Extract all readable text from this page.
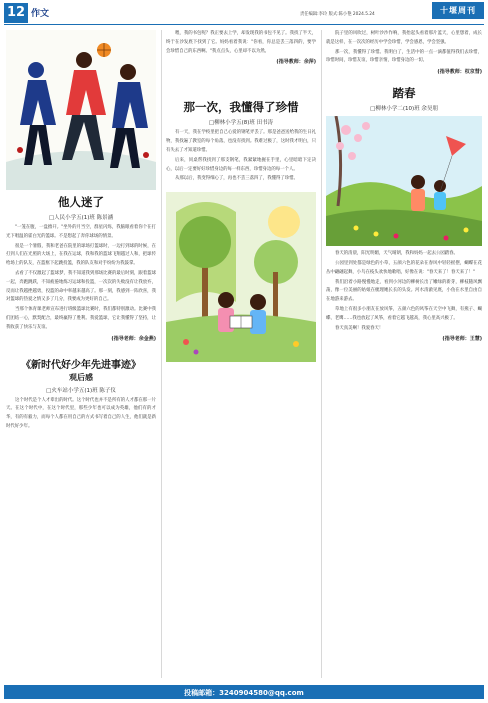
12 作文	责任编辑:李玲 版式:陈小艳 2024.5.24	十堰周刊
他人迷了
□人民小学五(1)班 陈景涵

"一笼在腹，一盘撸开。"坐外的月当空，群星闪烁，我脑眼看着你个在打光下唱温的霍白光的篮球。不是想起了奔你球场的情景。

很是一个暑假，我和老爸在院里的球场打篮球时，一边打到球的时候，在打到人们在光照的大场上，在我在运球，我和我的篮球飞翔越过人和，把球传给场上的队友，在篮框下起跳投篮，我的队友和对手纷纷为我鼓掌。

去看了不仅激起了篮球梦，我不知道我到那场比赛的最后时刻，跟着篮球一起，奔跑跳跃，不知疲倦地练习运球和投篮，一次次的失败没有让我放弃，反而让我越挫越勇，投篮的命中率越来越高了。那一刻，我感到一阵欣喜，我对篮球的热爱之情又多了几分，我要成为更好的自己。

当那个体育课老师宣布进行班级篮球比赛时，我们都特别激动。比赛中我们团结一心，默契配合，最终赢得了胜利。我爱篮球，它让我懂得了坚持，让我收获了快乐与友谊。

(指导老师：余金燕)
《新时代好少年先进事迹》
观后感
□火车站小学五(1)班 陈子仪

这个时代是个人才辈出的时代。这个时代也并不是所有的人才都在那一片天。在这个时代中，在这个时代里，那些少年也可以成为英雄，他们有的才华，有的有毅力，而每个人都在用自己的方式书写着自己的人生，他们就是新时代好少年。

喂，我的书包呢？我正要去上学，却发现我的书包不见了。我找了半天，终于在沙发底下找到了它。妈妈看着我说："你看，你总是丢三落四的，要学会珍惜自己的东西啊。"我点点头，心里却不以为然。

(指导教师：余萍)
那一次，我懂得了珍惜
□柳林小学五(8)班 田书涛

有一天，我在学校里把自己心爱的钢笔弄丢了。那是爸爸送给我的生日礼物，我找遍了教室的每个角落，也没有找到。我难过极了，这时我才明白，只有失去了才知道珍惜。

后来，同桌帮我找到了那支钢笔，我紧紧地握在手里，心里暗暗下定决心，以后一定要好好珍惜身边的每一样东西，珍惜身边的每一个人。

从那以后，我变得细心了，再也不丢三落四了，我懂得了珍惜。

院子里的风吹过，树叶沙沙作响，我抬起头看着那片蓝天，心里想着，成长就是这样，在一次次的经历中学会珍惜，学会感恩，学会坚强。

那一次，我懂得了珍惜。我明白了，生活中的一点一滴都值得我们去珍惜，珍惜时间，珍惜友谊，珍惜亲情，珍惜身边的一切。

(指导教师：权京彗)
踏春
□柳林小学二(10)班 余昊朋

春天的清晨，阳光明媚，天气晴朗，我和妈妈一起去公园踏春。

公园里到处都是绿色的小草，五颜六色的花朵在春风中轻轻摇摆，蝴蝶在花丛中翩翩起舞，小鸟在枝头欢快地歌唱，好像在说："春天来了！春天来了！"

我们沿着小路慢慢地走，看到小河边的柳树长出了嫩绿的新芽，柳枝随风飘荡，像一位美丽的姑娘在梳理她长长的头发。河水清澈见底，小鱼在水里自由自在地游来游去。

草地上有很多小朋友在放风筝，五颜六色的风筝在天空中飞舞，有燕子、蝴蝶、老鹰……我也放起了风筝，看着它越飞越高，我心里高兴极了。

春天真美啊！我爱春天！

(指导老师：王慧)
投稿邮箱：3240904580@qq.com
